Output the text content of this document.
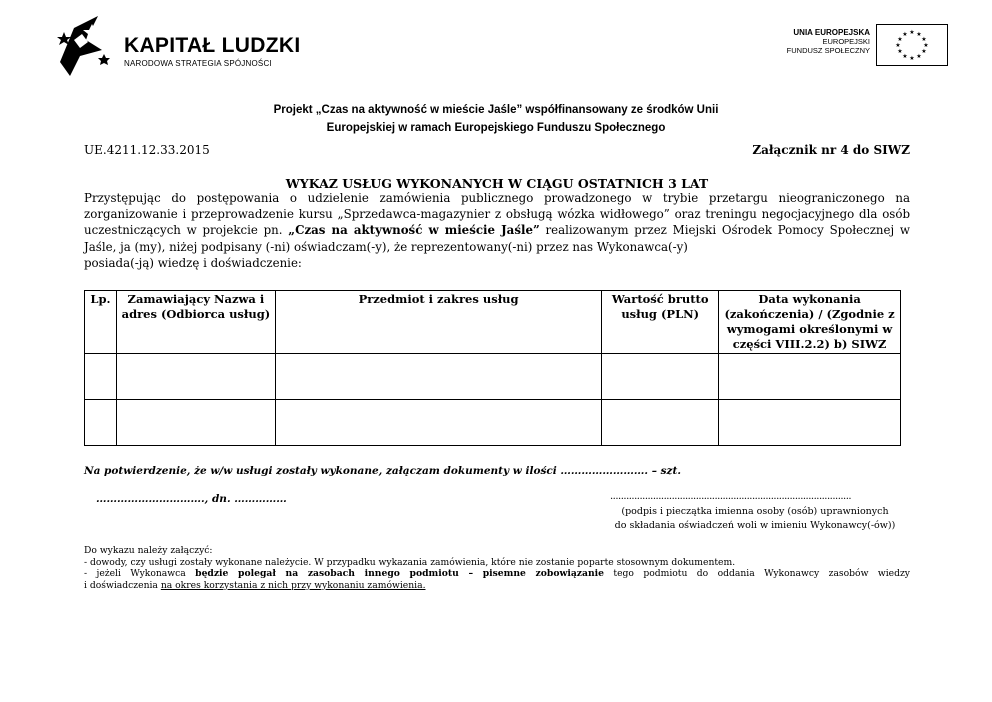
KAPITAŁ LUDZKI
NARODOWA STRATEGIA SPÓJNOŚCI
UNIA EUROPEJSKA
EUROPEJSKI
FUNDUSZ SPOŁECZNY
★ ★
★
★
★
★
★
★
★
★
★
★
Projekt „Czas na aktywność w mieście Jaśle” współfinansowany ze środków Unii
Europejskiej w ramach Europejskiego Funduszu Społecznego
UE.4211.12.33.2015	Załącznik nr 4 do SIWZ
WYKAZ USŁUG WYKONANYCH W CIĄGU OSTATNICH 3 LAT
Przystępując do postępowania o udzielenie zamówienia publicznego prowadzonego w trybie przetargu nieograniczonego na zorganizowanie i przeprowadzenie kursu „Sprzedawca-magazynier z obsługą wózka widłowego” oraz treningu negocjacyjnego dla osób uczestniczących w projekcie pn. „Czas na aktywność w mieście Jaśle” realizowanym przez Miejski Ośrodek Pomocy Społecznej w Jaśle, ja (my), niżej podpisany (-ni) oświadczam(-y), że reprezentowany(-ni) przez nas Wykonawca(-y)
posiada(-ją) wiedzę i doświadczenie:
Lp.	Zamawiający Nazwa i adres (Odbiorca usług)	Przedmiot i zakres usług	Wartość brutto usług (PLN)	Data wykonania (zakończenia) / (Zgodnie z wymogami określonymi w części VIII.2.2) b) SIWZ

Na potwierdzenie, że w/w usługi zostały wykonane, załączam dokumenty w ilości ……………………. – szt.
…………………………., dn. ……………	..........................................................................................
(podpis i pieczątka imienna osoby (osób) uprawnionych
do składania oświadczeń woli w imieniu Wykonawcy(-ów))
Do wykazu należy załączyć:
- dowody, czy usługi zostały wykonane należycie. W przypadku wykazania zamówienia, które nie zostanie poparte stosownym dokumentem.
- jeżeli Wykonawca będzie polegał na zasobach innego podmiotu – pisemne zobowiązanie tego podmiotu do oddania Wykonawcy zasobów wiedzy
i doświadczenia na okres korzystania z nich przy wykonaniu zamówienia.
